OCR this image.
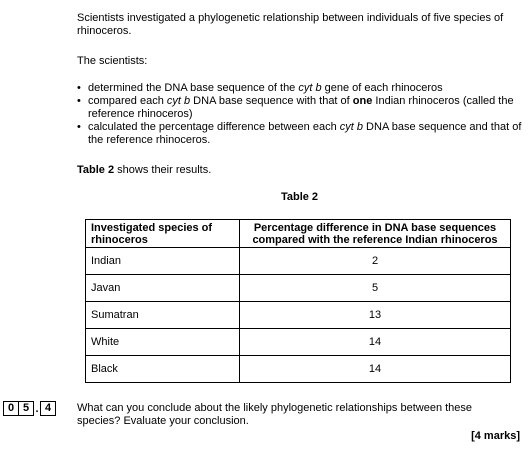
Scientists investigated a phylogenetic relationship between individuals of five species of rhinoceros.

The scientists:

• determined the DNA base sequence of the cyt b gene of each rhinoceros
• compared each cyt b DNA base sequence with that of one Indian rhinoceros (called the reference rhinoceros)
• calculated the percentage difference between each cyt b DNA base sequence and that of the reference rhinoceros.

Table 2 shows their results.

Table 2
Investigated species of rhinoceros	Percentage difference in DNA base sequences compared with the reference Indian rhinoceros
Indian	2
Javan	5
Sumatran	13
White	14
Black	14
0 5 . 4	What can you conclude about the likely phylogenetic relationships between these species? Evaluate your conclusion.
[4 marks]
